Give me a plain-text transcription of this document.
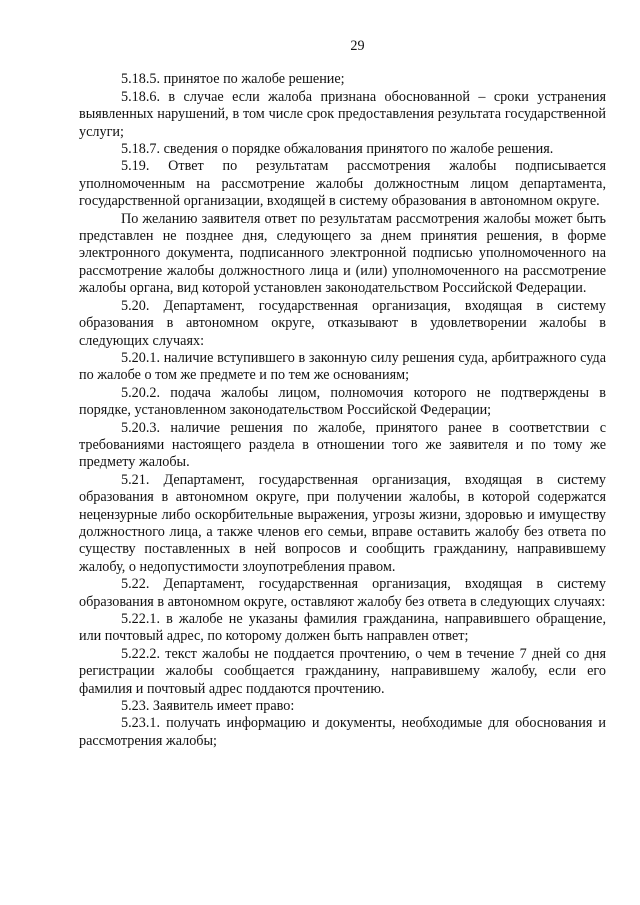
29

5.18.5. принятое по жалобе решение;

5.18.6. в случае если жалоба признана обоснованной – сроки устранения выявленных нарушений, в том числе срок предоставления результата государственной услуги;

5.18.7. сведения о порядке обжалования принятого по жалобе решения.

5.19. Ответ по результатам рассмотрения жалобы подписывается уполномоченным на рассмотрение жалобы должностным лицом департамента, государственной организации, входящей в систему образования в автономном округе.

По желанию заявителя ответ по результатам рассмотрения жалобы может быть представлен не позднее дня, следующего за днем принятия решения, в форме электронного документа, подписанного электронной подписью уполномоченного на рассмотрение жалобы должностного лица и (или) уполномоченного на рассмотрение жалобы органа, вид которой установлен законодательством Российской Федерации.

5.20. Департамент, государственная организация, входящая в систему образования в автономном округе, отказывают в удовлетворении жалобы в следующих случаях:

5.20.1. наличие вступившего в законную силу решения суда, арбитражного суда по жалобе о том же предмете и по тем же основаниям;

5.20.2. подача жалобы лицом, полномочия которого не подтверждены в порядке, установленном законодательством Российской Федерации;

5.20.3. наличие решения по жалобе, принятого ранее в соответствии с требованиями настоящего раздела в отношении того же заявителя и по тому же предмету жалобы.

5.21. Департамент, государственная организация, входящая в систему образования в автономном округе, при получении жалобы, в которой содержатся нецензурные либо оскорбительные выражения, угрозы жизни, здоровью и имуществу должностного лица, а также членов его семьи, вправе оставить жалобу без ответа по существу поставленных в ней вопросов и сообщить гражданину, направившему жалобу, о недопустимости злоупотребления правом.

5.22. Департамент, государственная организация, входящая в систему образования в автономном округе, оставляют жалобу без ответа в следующих случаях:

5.22.1. в жалобе не указаны фамилия гражданина, направившего обращение, или почтовый адрес, по которому должен быть направлен ответ;

5.22.2. текст жалобы не поддается прочтению, о чем в течение 7 дней со дня регистрации жалобы сообщается гражданину, направившему жалобу, если его фамилия и почтовый адрес поддаются прочтению.

5.23. Заявитель имеет право:

5.23.1. получать информацию и документы, необходимые для обоснования и рассмотрения жалобы;
